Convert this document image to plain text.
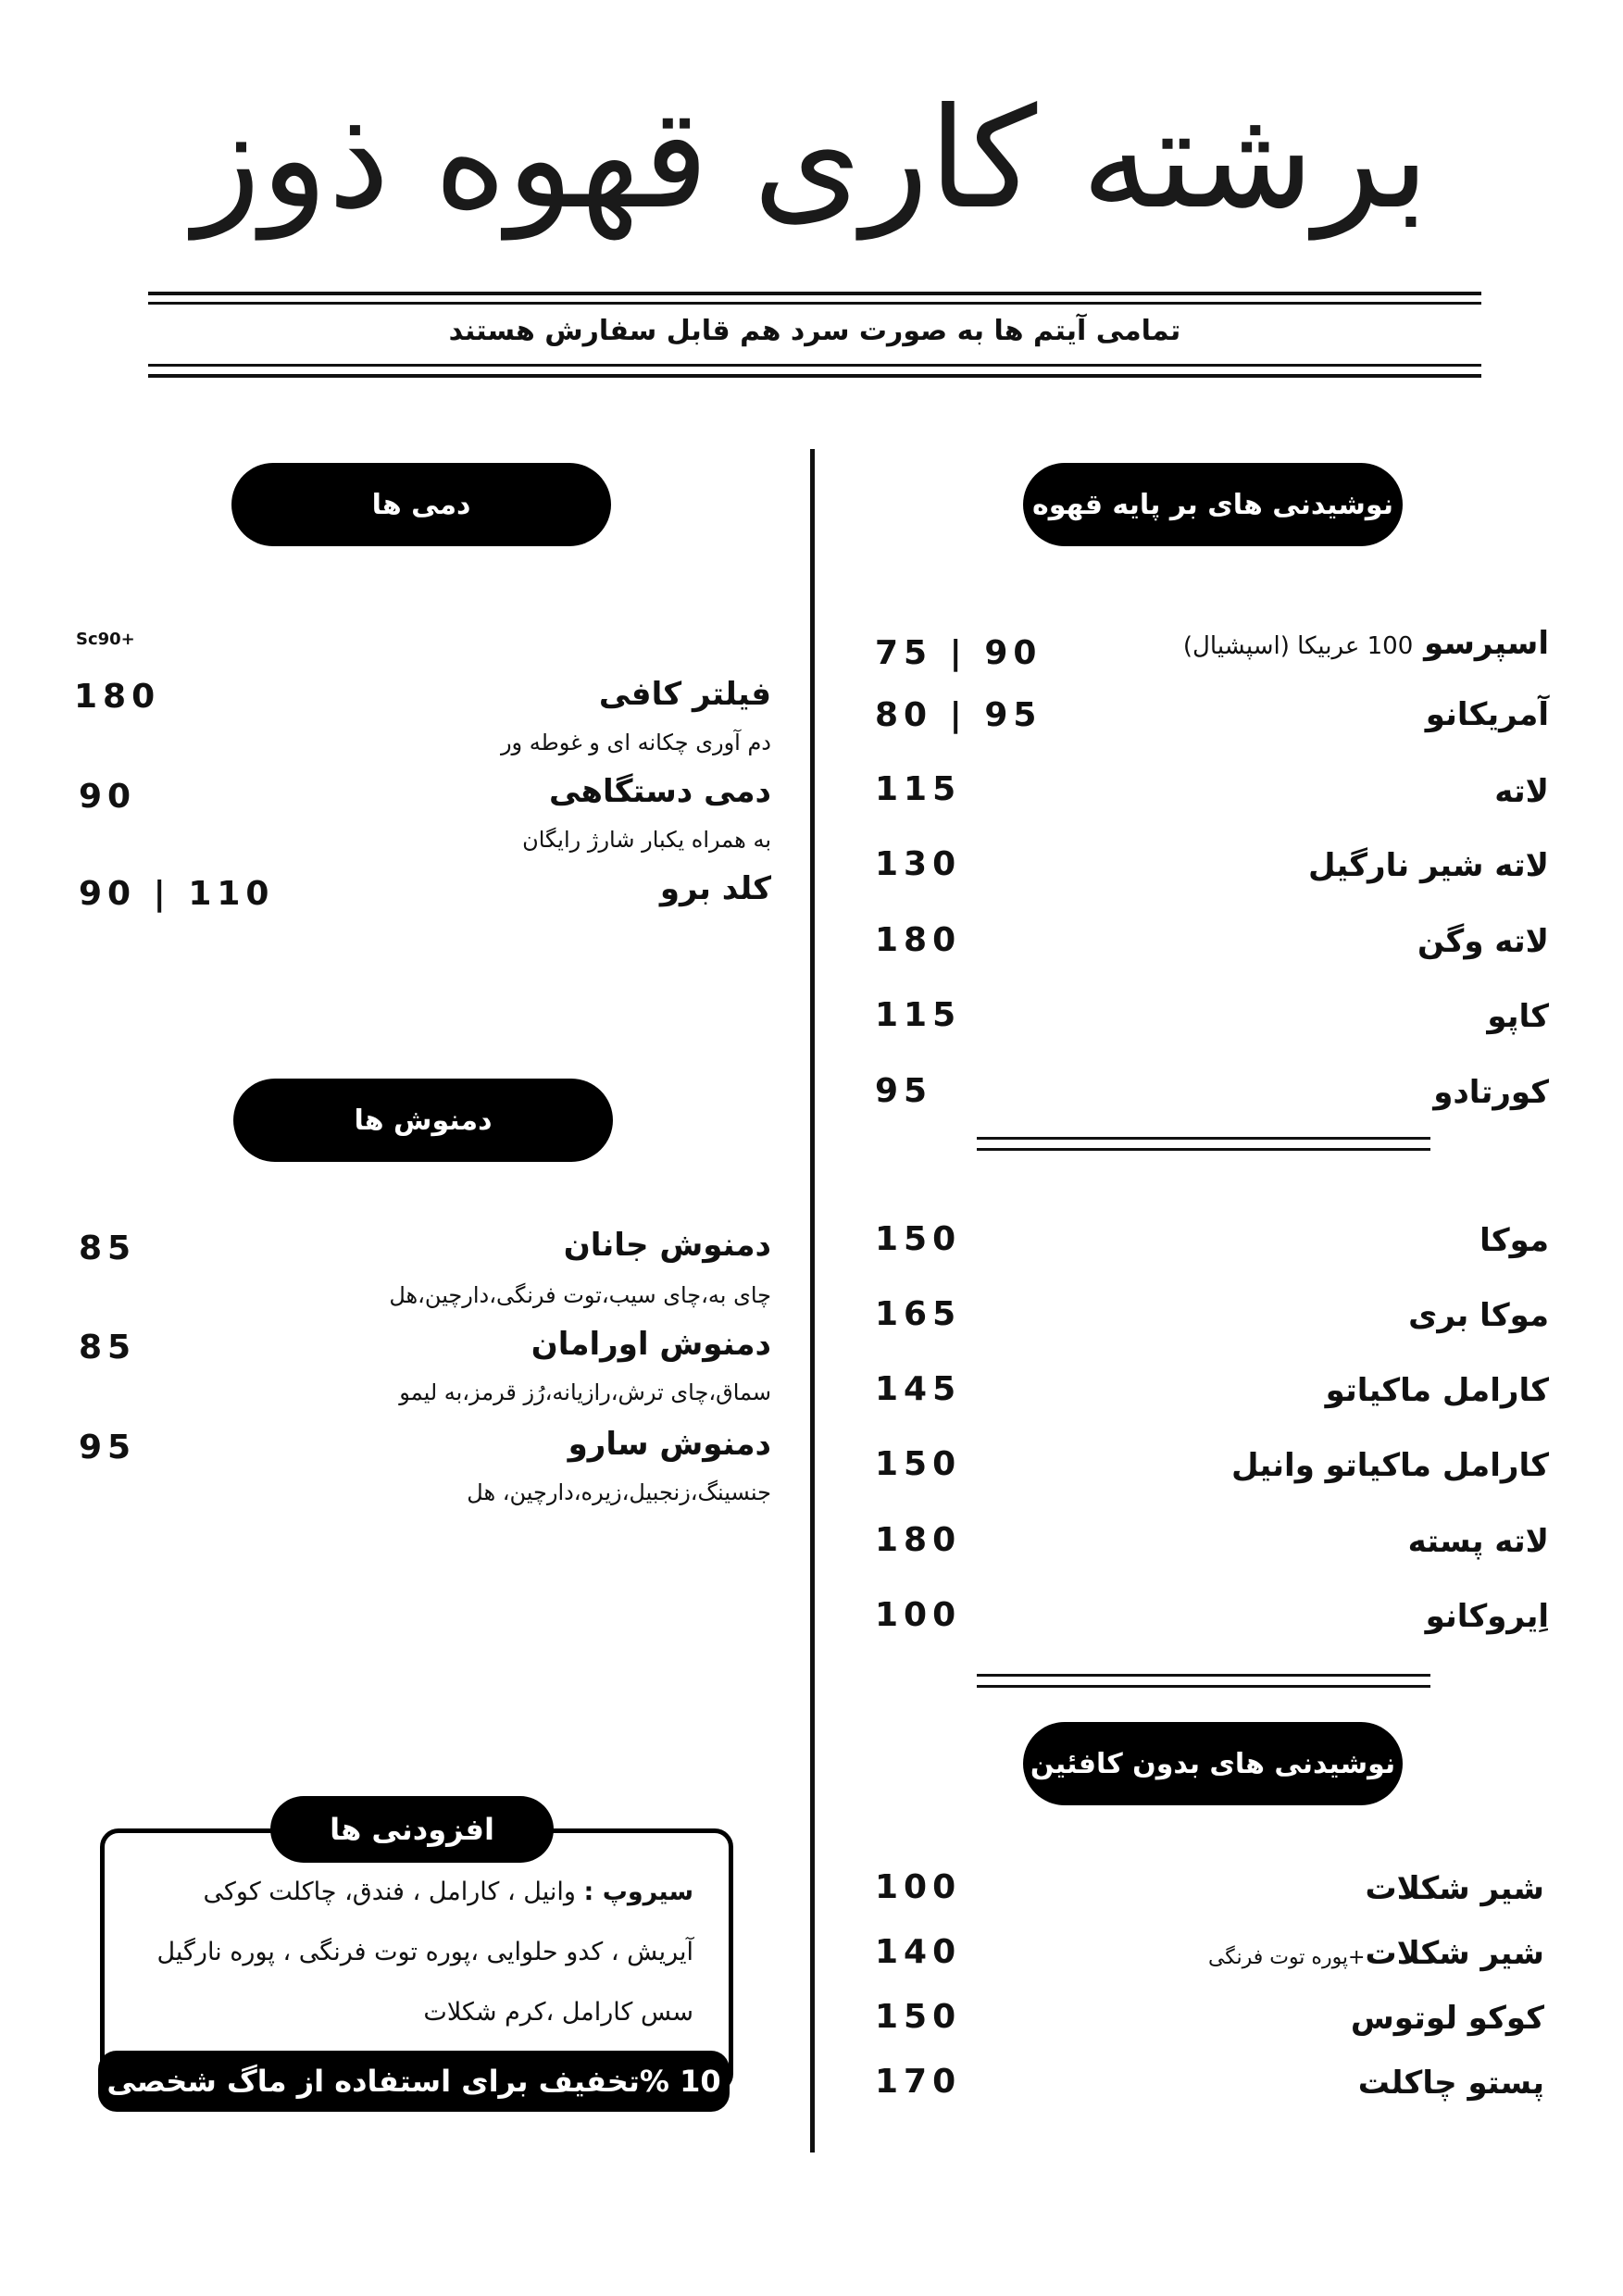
برشته کاری قهوه ذوز
تمامی آیتم ها به صورت سرد هم قابل سفارش هستند
نوشیدنی های بر پایه قهوه
اسپرسو 100 عربیکا (اسپشیال)
75 | 90
آمریکانو
80 | 95
لاته
115
لاته شیر نارگیل
130
لاته وگن
180
کاپو
115
کورتادو
95
موکا
150
موکا بری
165
کارامل ماکیاتو
145
کارامل ماکیاتو وانیل
150
لاته پسته
180
اِیروکانو
100
نوشیدنی های بدون کافئین
شیر شکلات
100
شیر شکلات+پوره توت فرنگی
140
کوکو لوتوس
150
پستو چاکلت
170
دمی ها
Sc90+
فیلتر کافی
دم آوری چکانه ای و غوطه ور
180
دمی دستگاهی
به همراه یکبار شارژ رایگان
90
کلد برو
90 | 110
دمنوش ها
دمنوش جانان
چای به،چای سیب،توت فرنگی،دارچین،هل
85
دمنوش اورامان
سماق،چای ترش،رازیانه،رُز قرمز،به لیمو
85
دمنوش سارو
جنسینگ،زنجبیل،زیره،دارچین، هل
95
سیروپ : وانیل ، کارامل ، فندق، چاکلت کوکی
آیریش ، کدو حلوایی ،پوره توت فرنگی ، پوره نارگیل
سس کارامل ،کرم شکلات
افزودنی ها
10 %تخفیف برای استفاده از ماگ شخصی
